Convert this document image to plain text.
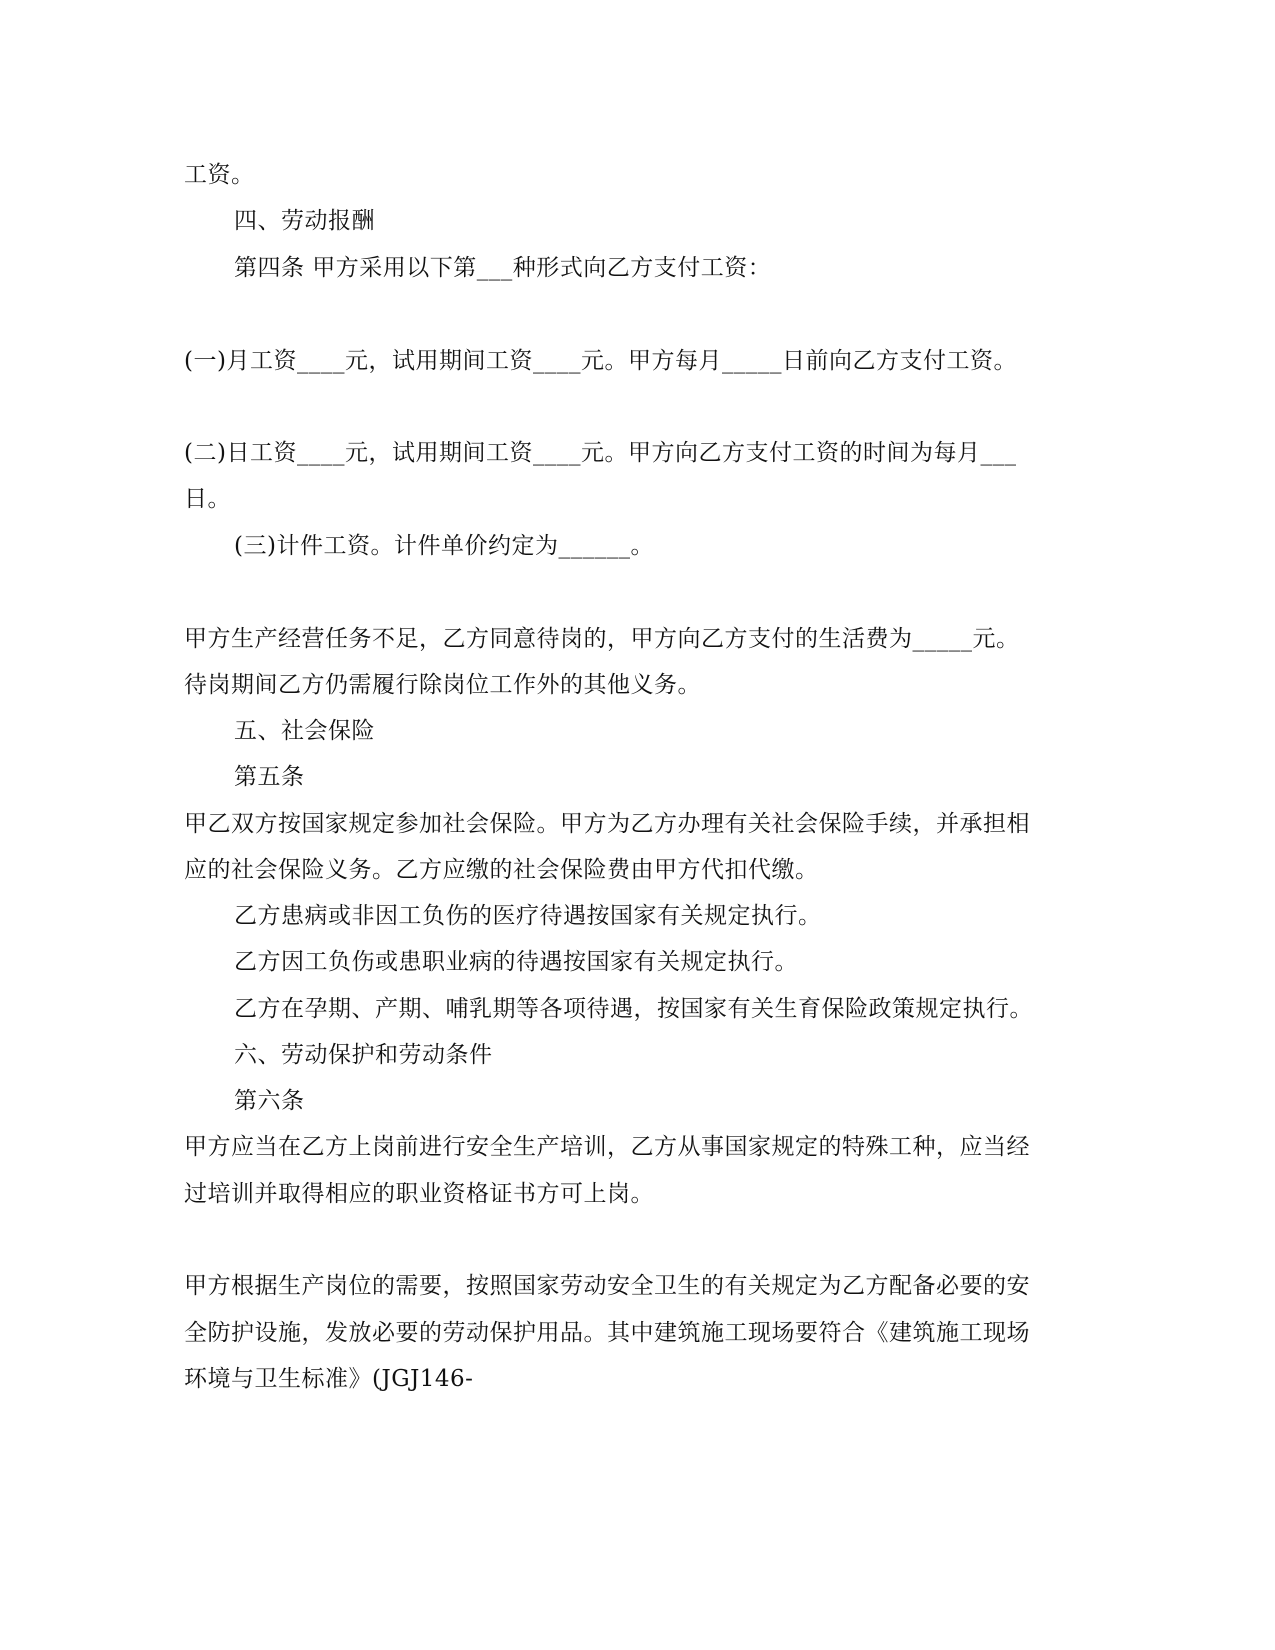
工资。
四、劳动报酬
第四条 甲方采用以下第___种形式向乙方支付工资：
(一)月工资____元，试用期间工资____元。甲方每月_____日前向乙方支付工资。
(二)日工资____元，试用期间工资____元。甲方向乙方支付工资的时间为每月___
日。
(三)计件工资。计件单价约定为______。
甲方生产经营任务不足，乙方同意待岗的，甲方向乙方支付的生活费为_____元。
待岗期间乙方仍需履行除岗位工作外的其他义务。
五、社会保险
第五条
甲乙双方按国家规定参加社会保险。甲方为乙方办理有关社会保险手续，并承担相
应的社会保险义务。乙方应缴的社会保险费由甲方代扣代缴。
乙方患病或非因工负伤的医疗待遇按国家有关规定执行。
乙方因工负伤或患职业病的待遇按国家有关规定执行。
乙方在孕期、产期、哺乳期等各项待遇，按国家有关生育保险政策规定执行。
六、劳动保护和劳动条件
第六条
甲方应当在乙方上岗前进行安全生产培训，乙方从事国家规定的特殊工种，应当经
过培训并取得相应的职业资格证书方可上岗。
甲方根据生产岗位的需要，按照国家劳动安全卫生的有关规定为乙方配备必要的安
全防护设施，发放必要的劳动保护用品。其中建筑施工现场要符合《建筑施工现场
环境与卫生标准》(JGJ146-
